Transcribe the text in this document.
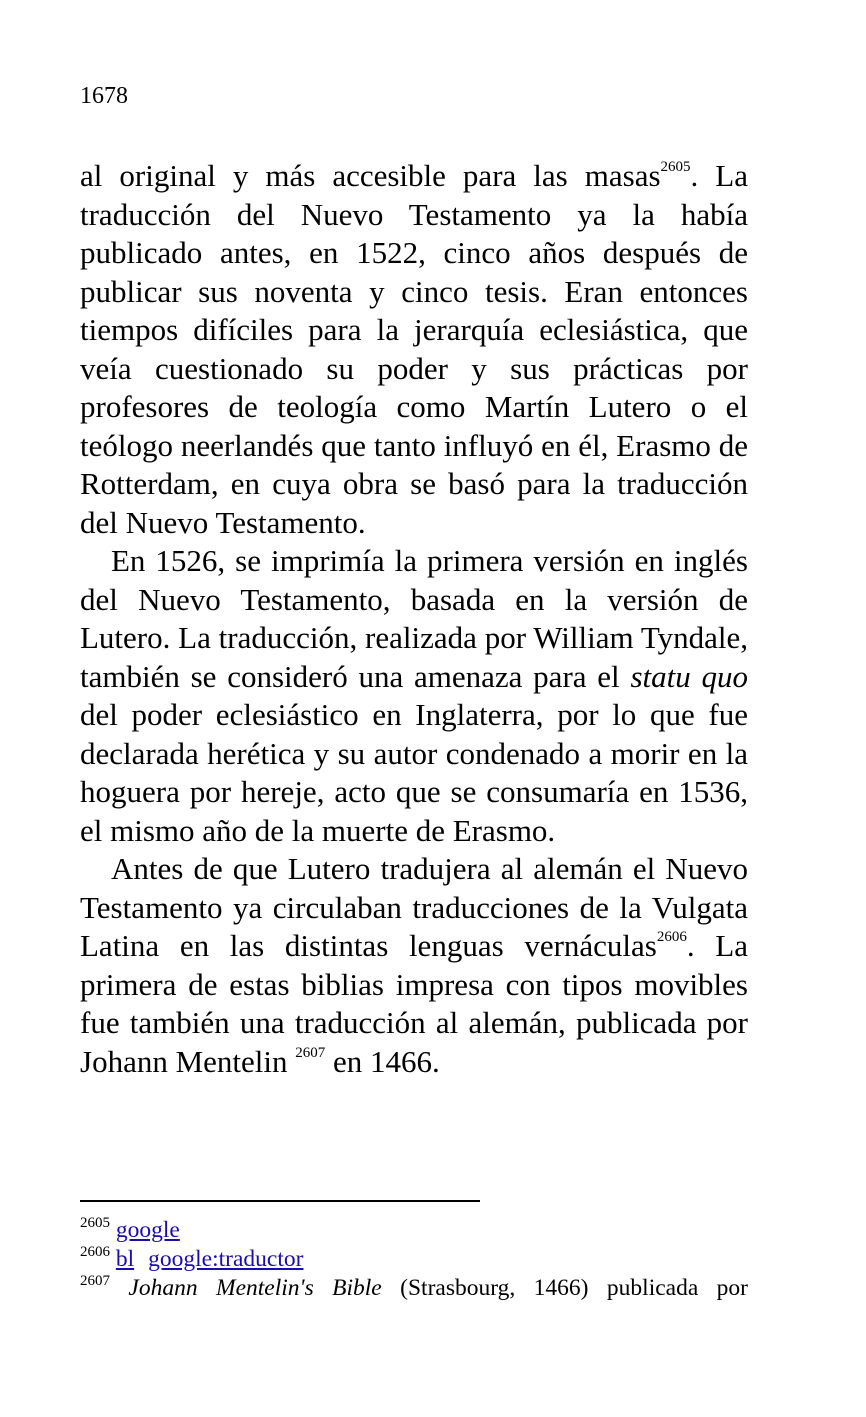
1678

al original y más accesible para las masas$^{2605}$. La traducción del Nuevo Testamento ya la había publicado antes, en 1522, cinco años después de publicar sus noventa y cinco tesis. Eran entonces tiempos difíciles para la jerarquía eclesiástica, que veía cuestionado su poder y sus prácticas por profesores de teología como Martín Lutero o el teólogo neerlandés que tanto influyó en él, Erasmo de Rotterdam, en cuya obra se basó para la traducción del Nuevo Testamento.

En 1526, se imprimía la primera versión en inglés del Nuevo Testamento, basada en la versión de Lutero. La traducción, realizada por William Tyndale, también se consideró una amenaza para el statu quo del poder eclesiástico en Inglaterra, por lo que fue declarada herética y su autor condenado a morir en la hoguera por hereje, acto que se consumaría en 1536, el mismo año de la muerte de Erasmo.

Antes de que Lutero tradujera al alemán el Nuevo Testamento ya circulaban traducciones de la Vulgata Latina en las distintas lenguas vernáculas$^{2606}$. La primera de estas biblias impresa con tipos movibles fue también una traducción al alemán, publicada por Johann Mentelin $^{2607}$ en 1466.

$^{2605}$ google
$^{2606}$ bl google:traductor
$^{2607}$ Johann Mentelin's Bible (Strasbourg, 1466) publicada por
